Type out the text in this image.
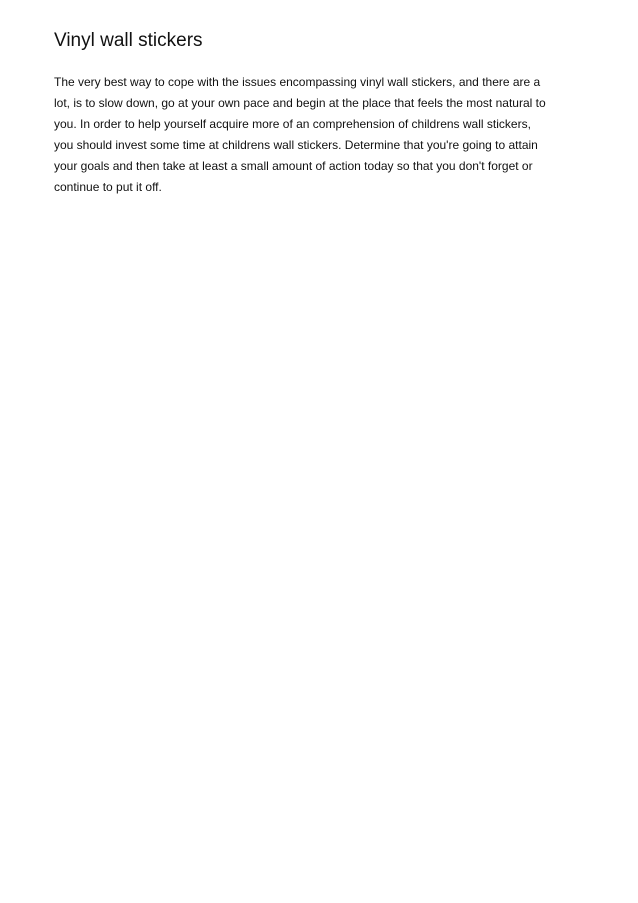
Vinyl wall stickers
The very best way to cope with the issues encompassing vinyl wall stickers, and there are a
lot, is to slow down, go at your own pace and begin at the place that feels the most natural to
you. In order to help yourself acquire more of an comprehension of childrens wall stickers,
you should invest some time at childrens wall stickers. Determine that you're going to attain
your goals and then take at least a small amount of action today so that you don't forget or
continue to put it off.
